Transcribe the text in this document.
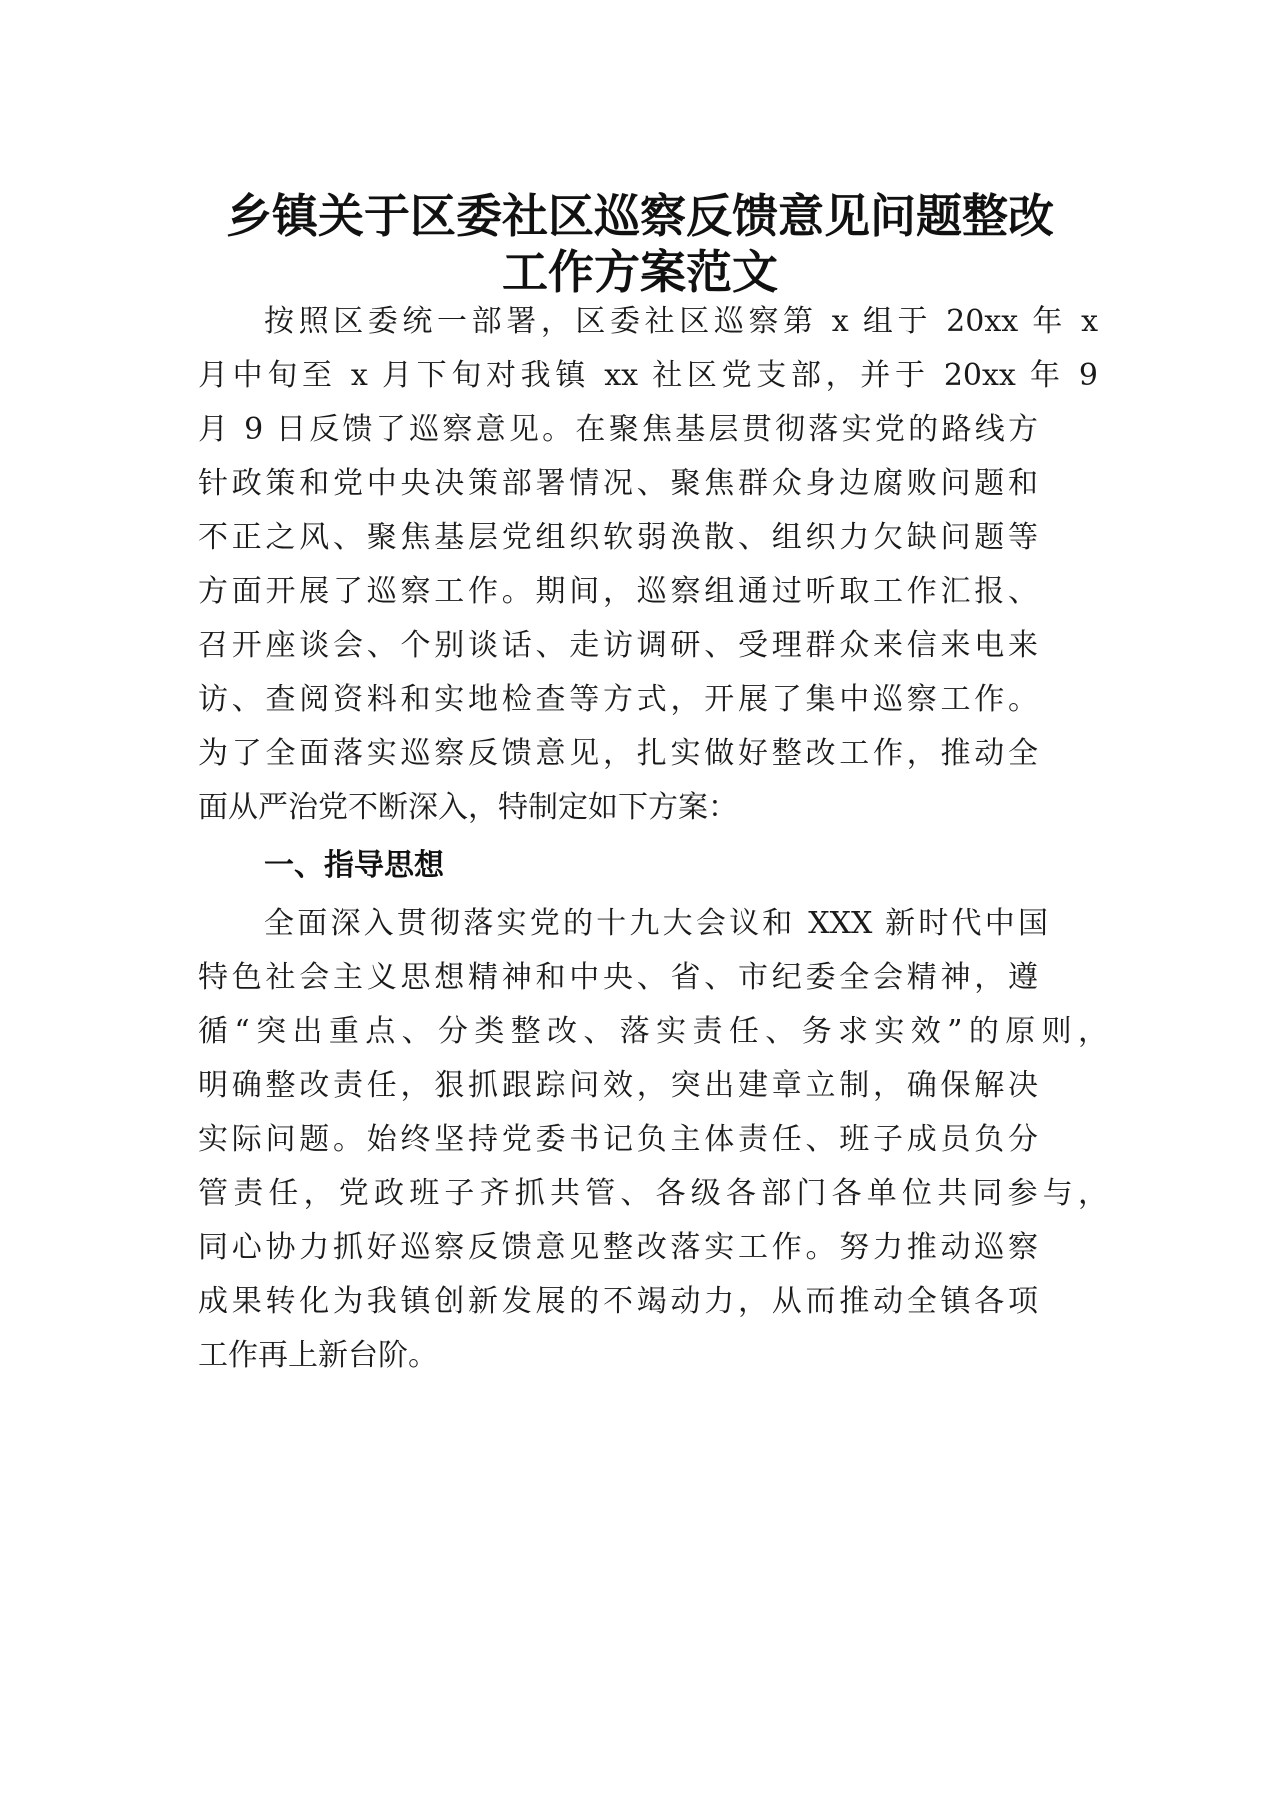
乡镇关于区委社区巡察反馈意见问题整改
工作方案范文

按照区委统一部署，区委社区巡察第 x 组于 20xx 年 x

月中旬至 x 月下旬对我镇 xx 社区党支部，并于 20xx 年 9

月 9 日反馈了巡察意见。在聚焦基层贯彻落实党的路线方

针政策和党中央决策部署情况、聚焦群众身边腐败问题和

不正之风、聚焦基层党组织软弱涣散、组织力欠缺问题等

方面开展了巡察工作。期间，巡察组通过听取工作汇报、

召开座谈会、个别谈话、走访调研、受理群众来信来电来

访、查阅资料和实地检查等方式，开展了集中巡察工作。

为了全面落实巡察反馈意见，扎实做好整改工作，推动全

面从严治党不断深入，特制定如下方案：

一、指导思想

全面深入贯彻落实党的十九大会议和 XXX 新时代中国

特色社会主义思想精神和中央、省、市纪委全会精神，遵

循“突出重点、分类整改、落实责任、务求实效”的原则，

明确整改责任，狠抓跟踪问效，突出建章立制，确保解决

实际问题。始终坚持党委书记负主体责任、班子成员负分

管责任，党政班子齐抓共管、各级各部门各单位共同参与，

同心协力抓好巡察反馈意见整改落实工作。努力推动巡察

成果转化为我镇创新发展的不竭动力，从而推动全镇各项

工作再上新台阶。
